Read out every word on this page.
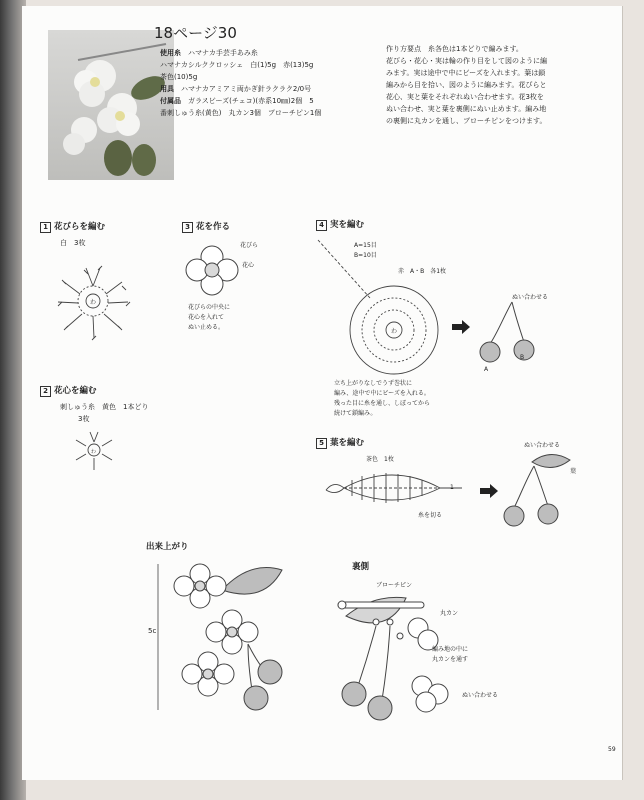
18ページ30
使用糸　 ハマナカ手芸手あみ糸
ハマナカシルククロッシェ　白(1)5g　赤(13)5g
茶色(10)5g
用具　 ハマナカアミアミ両かぎ針ラクラク2/0号
付属品　 ガラスビーズ(チェコ)(赤系10㎜)2個　5
番刺しゅう糸(黄色)　丸カン3個　ブローチピン1個
作り方要点　糸各色は1本どりで編みます。
花びら・花心・実は輪の作り目をして図のように編
みます。実は途中で中にビーズを入れます。葉は鎖
編みから目を拾い、図のように編みます。花びらと
花心、実と葉をそれぞれぬい合わせます。花3枚を
ぬい合わせ、実と葉を裏側にぬい止めます。編み地
の裏側に丸カンを通し、ブローチピンをつけます。
1 花びらを編む
白　3枚
わ
2 花心を編む
刺しゅう糸　黄色　1本どり
3枚
わ
3 花を作る
花びら
花心
花びらの中央に
花心を入れて
ぬい止める。
4 実を編む
A=15目
B=10目
赤　A・B　各1枚
わ
立ち上がりなしでうず巻状に
編み、途中で中にビーズを入れる。
残った目に糸を通し、しぼってから
続けて鎖編み。
ぬい合わせる
A
B
5 葉を編む
茶色　1枚
1
糸を切る
ぬい合わせる
葉
出来上がり
5c
裏側
ブローチピン
丸カン
編み地の中に
丸カンを通す
ぬい合わせる
59
